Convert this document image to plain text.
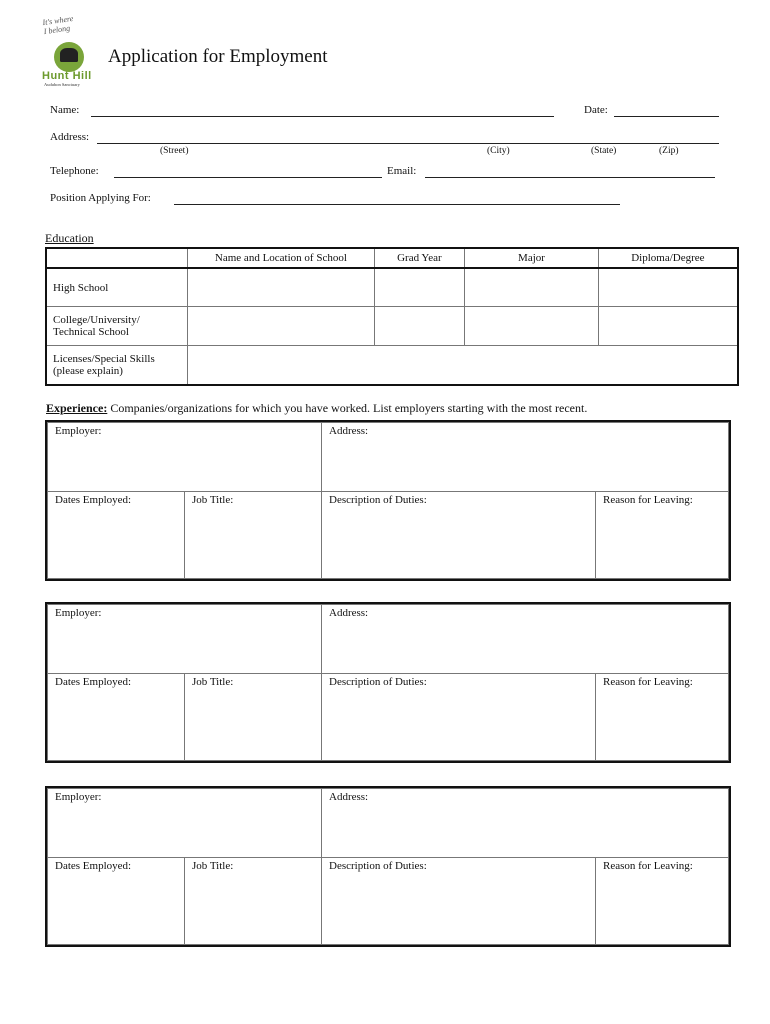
It's where
I belong
Hunt Hill
Audubon Sanctuary
Application for Employment
Name:	Date:
Address:
(Street)	(City)	(State)	(Zip)
Telephone:	Email:
Position Applying For:
Education
	Name and Location of School	Grad Year	Major	Diploma/Degree
High School				
College/University/
Technical School				
Licenses/Special Skills
(please explain)				
Experience: Companies/organizations for which you have worked. List employers starting with the most recent.
Employer:	Address:
Dates Employed:	Job Title:	Description of Duties:	Reason for Leaving:
Employer:	Address:
Dates Employed:	Job Title:	Description of Duties:	Reason for Leaving:
Employer:	Address:
Dates Employed:	Job Title:	Description of Duties:	Reason for Leaving:
